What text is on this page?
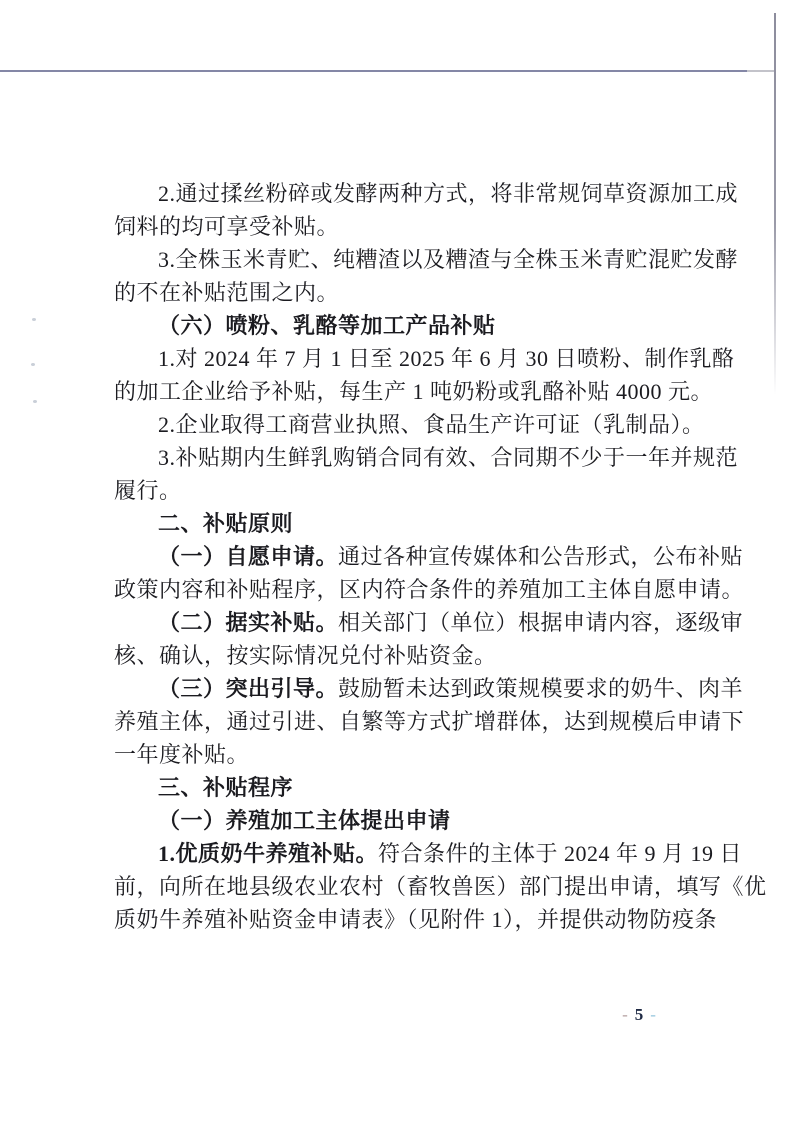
2.通过揉丝粉碎或发酵两种方式，将非常规饲草资源加工成
饲料的均可享受补贴。
3.全株玉米青贮、纯糟渣以及糟渣与全株玉米青贮混贮发酵
的不在补贴范围之内。
（六）喷粉、乳酪等加工产品补贴
1.对 2024 年 7 月 1 日至 2025 年 6 月 30 日喷粉、制作乳酪
的加工企业给予补贴，每生产 1 吨奶粉或乳酪补贴 4000 元。
2.企业取得工商营业执照、食品生产许可证（乳制品）。
3.补贴期内生鲜乳购销合同有效、合同期不少于一年并规范
履行。
二、补贴原则
（一）自愿申请。通过各种宣传媒体和公告形式，公布补贴
政策内容和补贴程序，区内符合条件的养殖加工主体自愿申请。
（二）据实补贴。相关部门（单位）根据申请内容，逐级审
核、确认，按实际情况兑付补贴资金。
（三）突出引导。鼓励暂未达到政策规模要求的奶牛、肉羊
养殖主体，通过引进、自繁等方式扩增群体，达到规模后申请下
一年度补贴。
三、补贴程序
（一）养殖加工主体提出申请
1.优质奶牛养殖补贴。符合条件的主体于 2024 年 9 月 19 日
前，向所在地县级农业农村（畜牧兽医）部门提出申请，填写《优
质奶牛养殖补贴资金申请表》（见附件 1），并提供动物防疫条
- 5 -
